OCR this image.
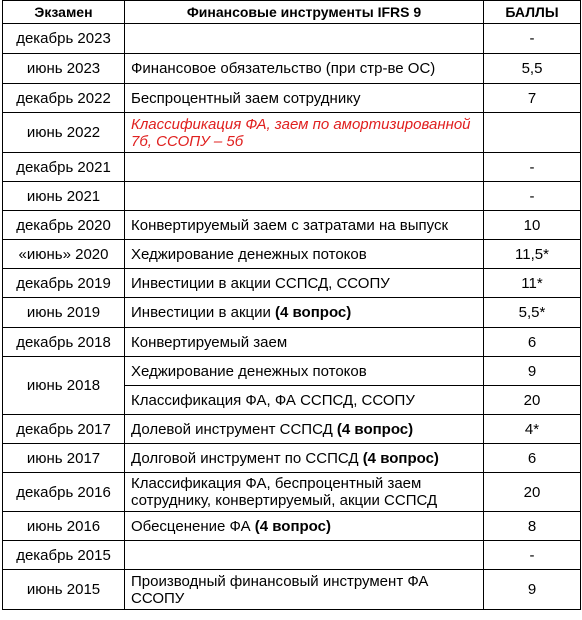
Экзамен	Финансовые инструменты IFRS 9	БАЛЛЫ
декабрь 2023		-
июнь 2023	Финансовое обязательство (при стр-ве ОС)	5,5
декабрь 2022	Беспроцентный заем сотруднику	7
июнь 2022	Классификация ФА, заем по амортизированной 7б, ССОПУ – 5б	
декабрь 2021		-
июнь 2021		-
декабрь 2020	Конвертируемый заем с затратами на выпуск	10
«июнь» 2020	Хеджирование денежных потоков	11,5*
декабрь 2019	Инвестиции в акции ССПСД, ССОПУ	11*
июнь 2019	Инвестиции в акции (4 вопрос)	5,5*
декабрь 2018	Конвертируемый заем	6
июнь 2018	Хеджирование денежных потоков	9
	Классификация ФА, ФА ССПСД, ССОПУ	20
декабрь 2017	Долевой инструмент ССПСД (4 вопрос)	4*
июнь 2017	Долговой инструмент по ССПСД (4 вопрос)	6
декабрь 2016	Классификация ФА, беспроцентный заем сотруднику, конвертируемый, акции ССПСД	20
июнь 2016	Обесценение ФА (4 вопрос)	8
декабрь 2015		-
июнь 2015	Производный финансовый инструмент ФА ССОПУ	9
